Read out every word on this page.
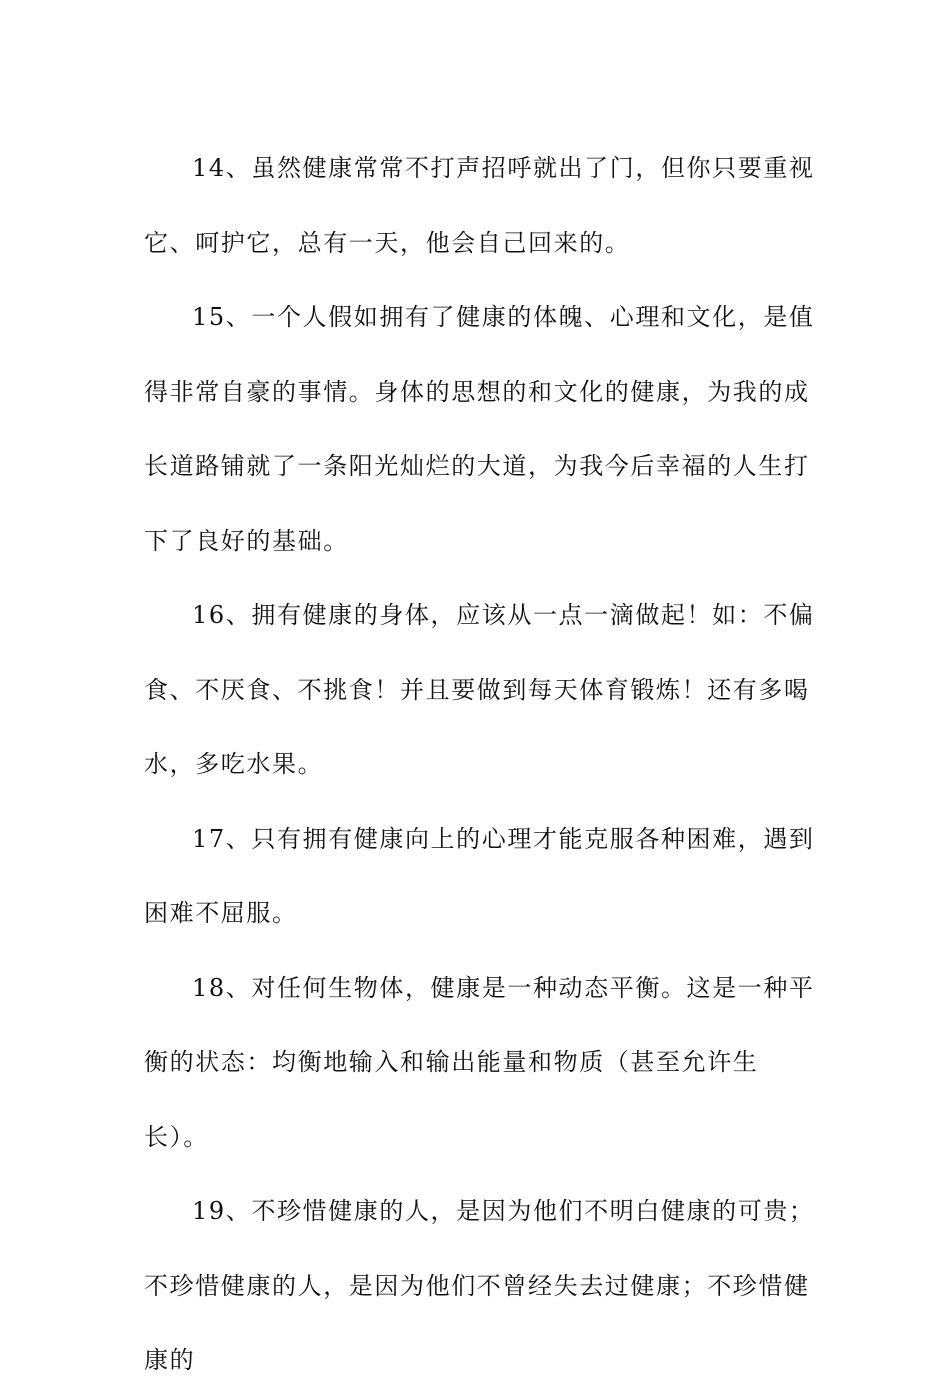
14、虽然健康常常不打声招呼就出了门，但你只要重视它、呵护它，总有一天，他会自己回来的。

15、一个人假如拥有了健康的体魄、心理和文化，是值得非常自豪的事情。身体的思想的和文化的健康，为我的成长道路铺就了一条阳光灿烂的大道，为我今后幸福的人生打下了良好的基础。

16、拥有健康的身体，应该从一点一滴做起！如：不偏食、不厌食、不挑食！并且要做到每天体育锻炼！还有多喝水，多吃水果。

17、只有拥有健康向上的心理才能克服各种困难，遇到困难不屈服。

18、对任何生物体，健康是一种动态平衡。这是一种平衡的状态：均衡地输入和输出能量和物质（甚至允许生长）。

19、不珍惜健康的人，是因为他们不明白健康的可贵；不珍惜健康的人，是因为他们不曾经失去过健康；不珍惜健康的
